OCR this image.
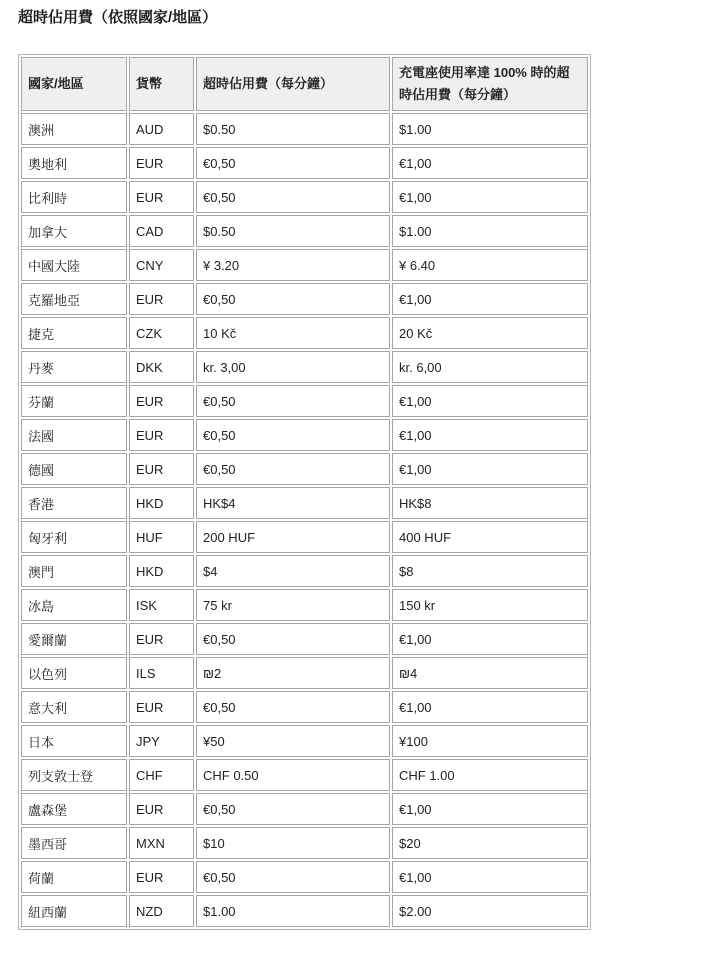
超時佔用費（依照國家/地區）
國家/地區	貨幣	超時佔用費（每分鐘）	充電座使用率達 100% 時的超時佔用費（每分鐘）
澳洲	AUD	$0.50	$1.00
奧地利	EUR	€0,50	€1,00
比利時	EUR	€0,50	€1,00
加拿大	CAD	$0.50	$1.00
中國大陸	CNY	¥ 3.20	¥ 6.40
克羅地亞	EUR	€0,50	€1,00
捷克	CZK	10 Kč	20 Kč
丹麥	DKK	kr. 3,00	kr. 6,00
芬蘭	EUR	€0,50	€1,00
法國	EUR	€0,50	€1,00
德國	EUR	€0,50	€1,00
香港	HKD	HK$4	HK$8
匈牙利	HUF	200 HUF	400 HUF
澳門	HKD	$4	$8
冰島	ISK	75 kr	150 kr
愛爾蘭	EUR	€0,50	€1,00
以色列	ILS	₪2	₪4
意大利	EUR	€0,50	€1,00
日本	JPY	¥50	¥100
列支敦士登	CHF	CHF 0.50	CHF 1.00
盧森堡	EUR	€0,50	€1,00
墨西哥	MXN	$10	$20
荷蘭	EUR	€0,50	€1,00
紐西蘭	NZD	$1.00	$2.00
